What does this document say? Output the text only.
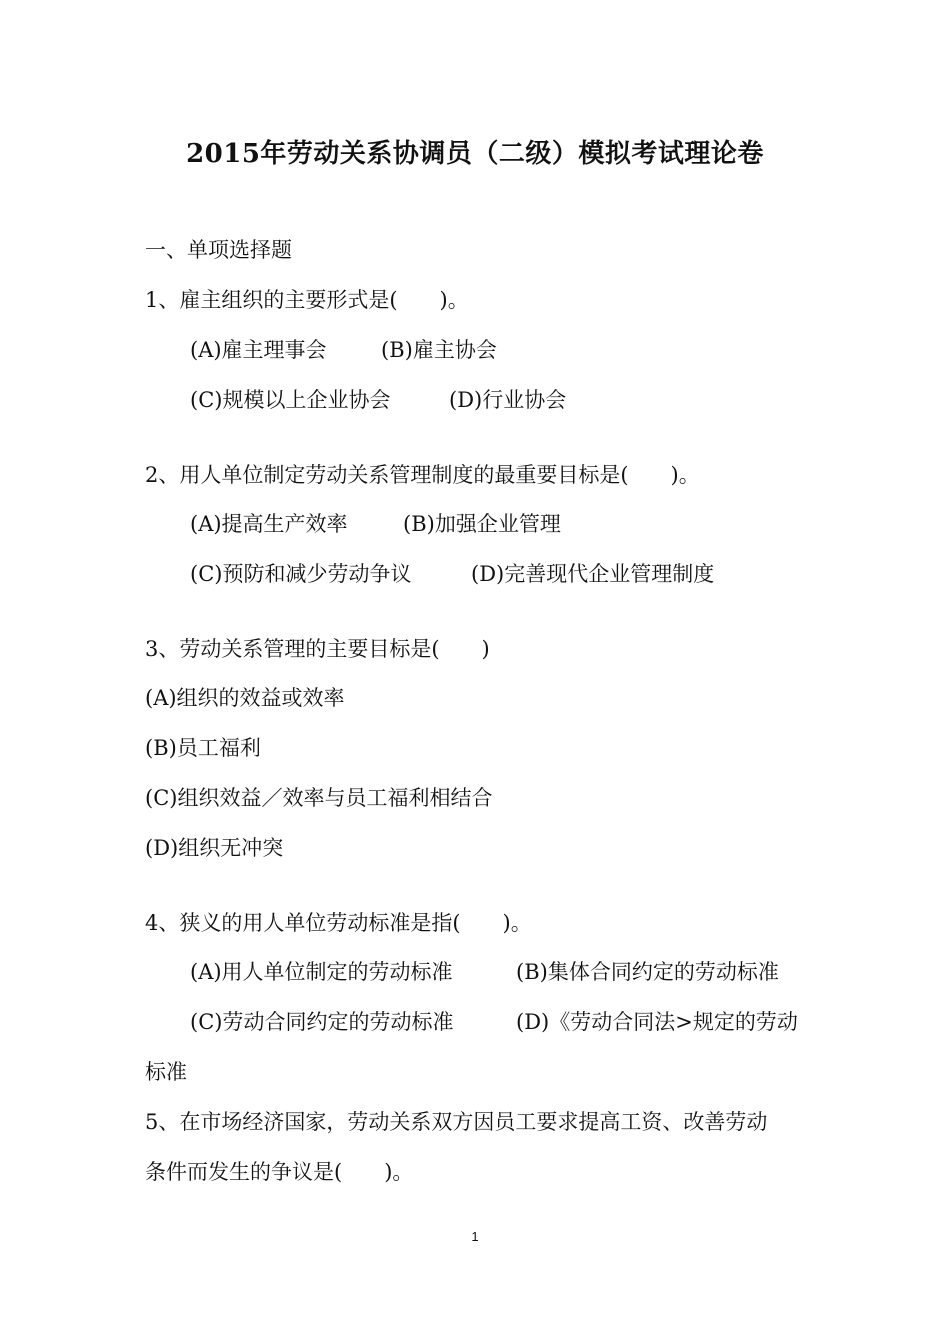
2015年劳动关系协调员（二级）模拟考试理论卷
一、单项选择题
1、雇主组织的主要形式是(　　)。
(A)雇主理事会	(B)雇主协会
(C)规模以上企业协会	(D)行业协会
2、用人单位制定劳动关系管理制度的最重要目标是(　　)。
(A)提高生产效率	(B)加强企业管理
(C)预防和减少劳动争议	(D)完善现代企业管理制度
3、劳动关系管理的主要目标是(　　)
(A)组织的效益或效率
(B)员工福利
(C)组织效益／效率与员工福利相结合
(D)组织无冲突
4、狭义的用人单位劳动标准是指(　　)。
(A)用人单位制定的劳动标准	(B)集体合同约定的劳动标准
(C)劳动合同约定的劳动标准	(D)《劳动合同法>规定的劳动
标准
5、在市场经济国家，劳动关系双方因员工要求提高工资、改善劳动
条件而发生的争议是(　　)。
1
